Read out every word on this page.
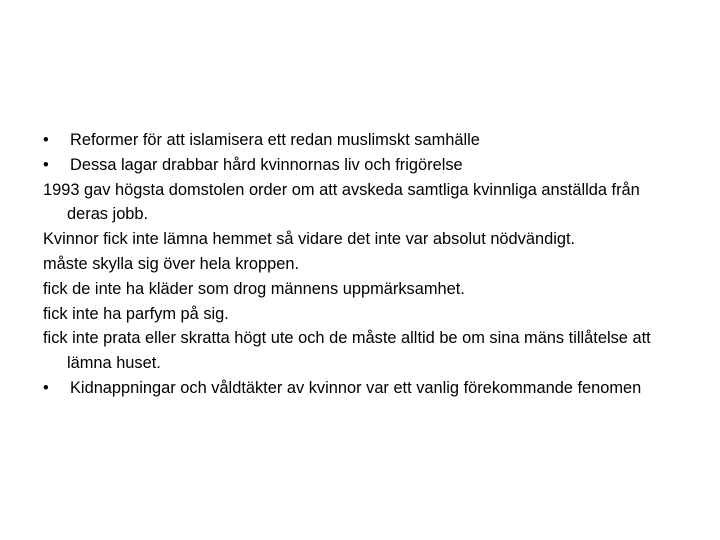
• Reformer för att islamisera ett redan muslimskt samhälle

• Dessa lagar drabbar hård kvinnornas liv och frigörelse

1993 gav högsta domstolen order om att avskeda samtliga kvinnliga anställda från deras jobb.

Kvinnor fick inte lämna hemmet så vidare det inte var absolut nödvändigt.

måste skylla sig över hela kroppen.

fick de inte ha kläder som drog männens uppmärksamhet.

fick inte ha parfym på sig.

fick inte prata eller skratta högt ute och de måste alltid be om sina mäns tillåtelse att lämna huset.

• Kidnappningar och våldtäkter av kvinnor var ett vanlig förekommande fenomen
